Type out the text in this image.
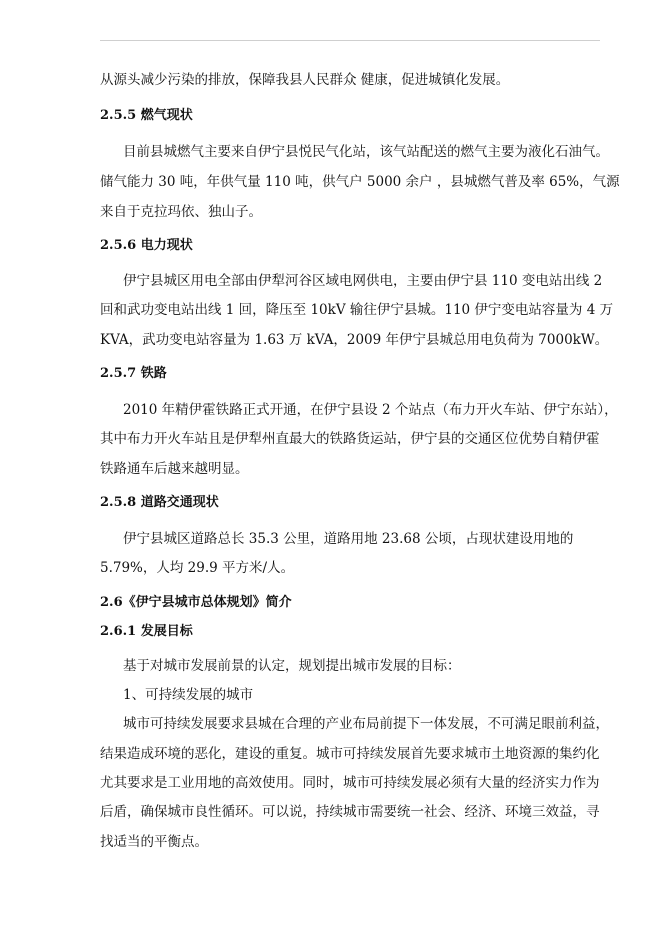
从源头减少污染的排放，保障我县人民群众 健康，促进城镇化发展。
2.5.5 燃气现状
目前县城燃气主要来自伊宁县悦民气化站，该气站配送的燃气主要为液化石油气。
储气能力 30 吨，年供气量 110 吨，供气户 5000 余户 ，县城燃气普及率 65%，气源
来自于克拉玛依、独山子。
2.5.6 电力现状
伊宁县城区用电全部由伊犁河谷区域电网供电，主要由伊宁县 110 变电站出线 2
回和武功变电站出线 1 回，降压至 10kV 输往伊宁县城。110 伊宁变电站容量为 4 万
KVA，武功变电站容量为 1.63 万 kVA，2009 年伊宁县城总用电负荷为 7000kW。
2.5.7 铁路
2010 年精伊霍铁路正式开通，在伊宁县设 2 个站点（布力开火车站、伊宁东站），
其中布力开火车站且是伊犁州直最大的铁路货运站，伊宁县的交通区位优势自精伊霍
铁路通车后越来越明显。
2.5.8 道路交通现状
伊宁县城区道路总长 35.3 公里，道路用地 23.68 公顷，占现状建设用地的
5.79%，人均 29.9 平方米/人。
2.6《伊宁县城市总体规划》简介
2.6.1 发展目标
基于对城市发展前景的认定，规划提出城市发展的目标：
1、可持续发展的城市
城市可持续发展要求县城在合理的产业布局前提下一体发展，不可满足眼前利益，
结果造成环境的恶化，建设的重复。城市可持续发展首先要求城市土地资源的集约化
尤其要求是工业用地的高效使用。同时，城市可持续发展必须有大量的经济实力作为
后盾，确保城市良性循环。可以说，持续城市需要统一社会、经济、环境三效益，寻
找适当的平衡点。
